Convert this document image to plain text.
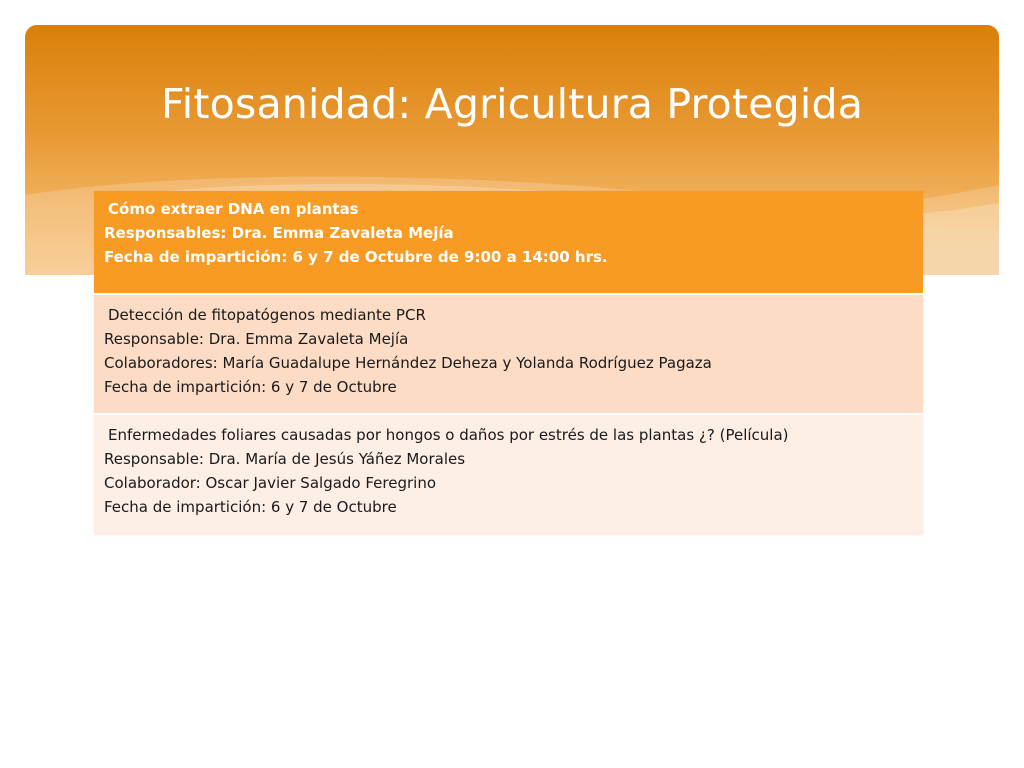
Fitosanidad: Agricultura Protegida
Cómo extraer DNA en plantas
Responsables: Dra. Emma Zavaleta Mejía
Fecha de impartición: 6 y 7 de Octubre de 9:00 a 14:00 hrs.
Detección de fitopatógenos mediante PCR
Responsable: Dra. Emma Zavaleta Mejía
Colaboradores: María Guadalupe Hernández Deheza y Yolanda Rodríguez Pagaza
Fecha de impartición: 6 y 7 de Octubre
Enfermedades foliares causadas por hongos o daños por estrés de las plantas ¿? (Película)
Responsable: Dra. María de Jesús Yáñez Morales
Colaborador: Oscar Javier Salgado Feregrino
Fecha de impartición: 6 y 7 de Octubre
